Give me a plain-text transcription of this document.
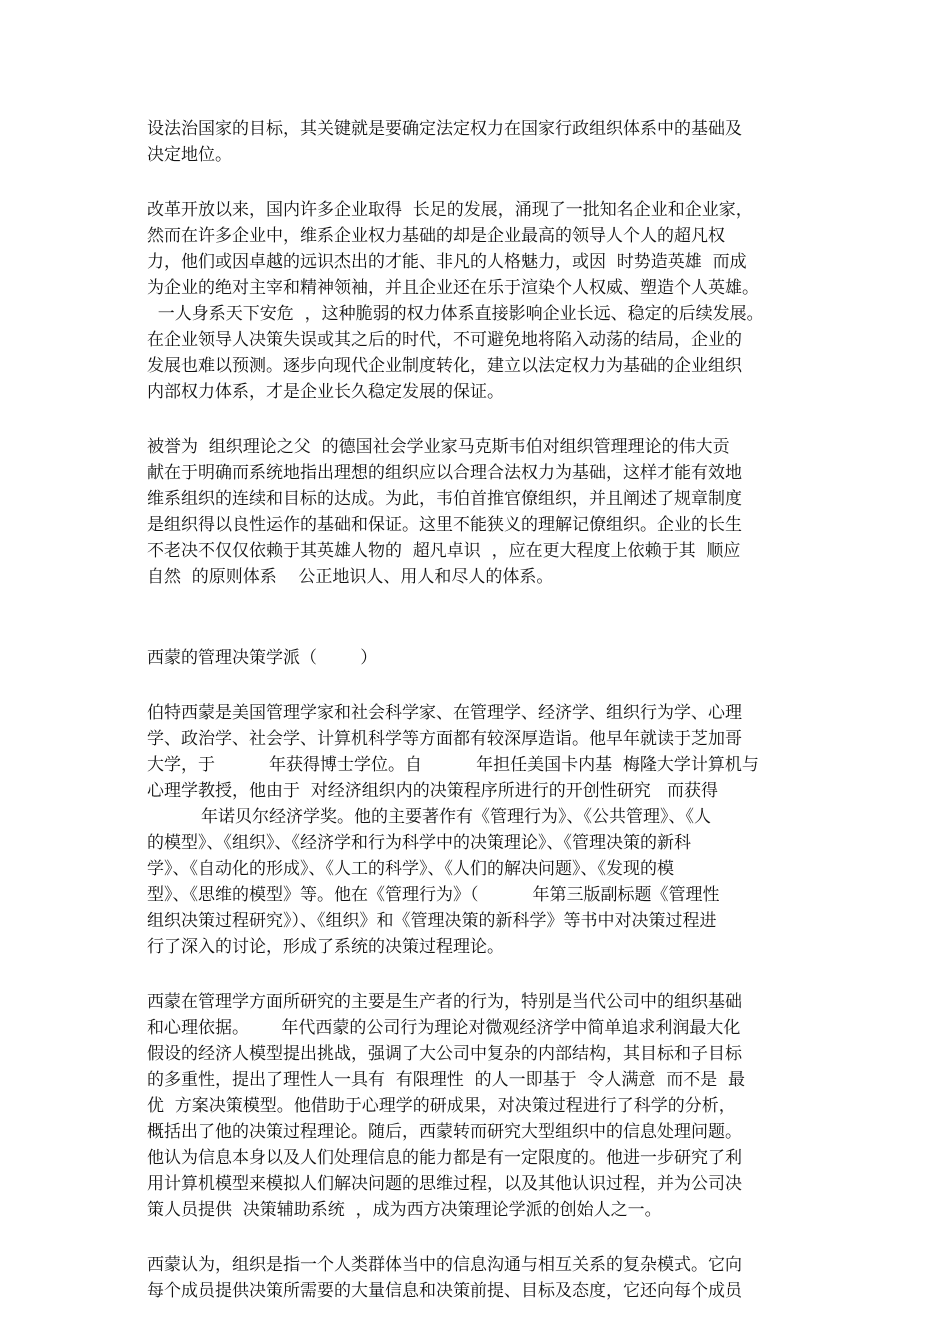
设法治国家的目标，其关键就是要确定法定权力在国家行政组织体系中的基础及
决定地位。
改革开放以来，国内许多企业取得  长足的发展，涌现了一批知名企业和企业家，
然而在许多企业中，维系企业权力基础的却是企业最高的领导人个人的超凡权
力，他们或因卓越的远识杰出的才能、非凡的人格魅力，或因  时势造英雄  而成
为企业的绝对主宰和精神领袖，并且企业还在乐于渲染个人权威、塑造个人英雄。
一人身系天下安危  ，这种脆弱的权力体系直接影响企业长远、稳定的后续发展。
在企业领导人决策失误或其之后的时代，不可避免地将陷入动荡的结局，企业的
发展也难以预测。逐步向现代企业制度转化，建立以法定权力为基础的企业组织
内部权力体系，才是企业长久稳定发展的保证。
被誉为  组织理论之父  的德国社会学业家马克斯韦伯对组织管理理论的伟大贡
献在于明确而系统地指出理想的组织应以合理合法权力为基础，这样才能有效地
维系组织的连续和目标的达成。为此，韦伯首推官僚组织，并且阐述了规章制度
是组织得以良性运作的基础和保证。这里不能狭义的理解记僚组织。企业的长生
不老决不仅仅依赖于其英雄人物的  超凡卓识  ，应在更大程度上依赖于其  顺应
自然  的原则体系    公正地识人、用人和尽人的体系。
西蒙的管理决策学派（        ）
伯特西蒙是美国管理学家和社会科学家、在管理学、经济学、组织行为学、心理
学、政治学、社会学、计算机科学等方面都有较深厚造诣。他早年就读于芝加哥
大学，于          年获得博士学位。自          年担任美国卡内基  梅隆大学计算机与
心理学教授，他由于  对经济组织内的决策程序所进行的开创性研究   而获得
年诺贝尔经济学奖。他的主要著作有《管理行为》、《公共管理》、《人
的模型》、《组织》、《经济学和行为科学中的决策理论》、《管理决策的新科
学》、《自动化的形成》、《人工的科学》、《人们的解决问题》、《发现的模
型》、《思维的模型》等。他在《管理行为》（          年第三版副标题《管理性
组织决策过程研究》）、《组织》和《管理决策的新科学》等书中对决策过程进
行了深入的讨论，形成了系统的决策过程理论。
西蒙在管理学方面所研究的主要是生产者的行为，特别是当代公司中的组织基础
和心理依据。      年代西蒙的公司行为理论对微观经济学中简单追求利润最大化
假设的经济人模型提出挑战，强调了大公司中复杂的内部结构，其目标和子目标
的多重性，提出了理性人一具有  有限理性  的人一即基于  令人满意  而不是  最
优  方案决策模型。他借助于心理学的研成果，对决策过程进行了科学的分析，
概括出了他的决策过程理论。随后，西蒙转而研究大型组织中的信息处理问题。
他认为信息本身以及人们处理信息的能力都是有一定限度的。他进一步研究了利
用计算机模型来模拟人们解决问题的思维过程，以及其他认识过程，并为公司决
策人员提供  决策辅助系统  ，成为西方决策理论学派的创始人之一。
西蒙认为，组织是指一个人类群体当中的信息沟通与相互关系的复杂模式。它向
每个成员提供决策所需要的大量信息和决策前提、目标及态度，它还向每个成员
